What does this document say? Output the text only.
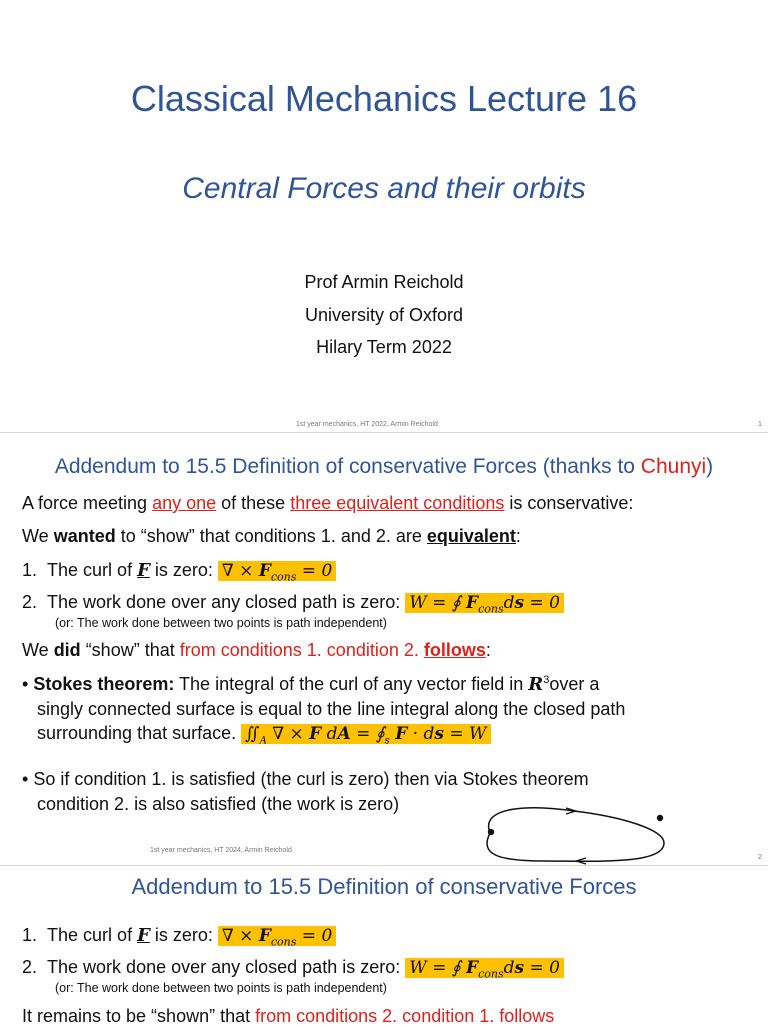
Classical Mechanics Lecture 16
Central Forces and their orbits
Prof Armin Reichold
University of Oxford
Hilary Term 2022
1st year mechanics, HT 2022, Armin Reichold	1
Addendum to 15.5 Definition of conservative Forces (thanks to Chunyi)
A force meeting any one of these three equivalent conditions is conservative:
We wanted to “show” that conditions 1. and 2. are equivalent:
1. The curl of F is zero: ∇ × $F_{cons} = 0$
2. The work done over any closed path is zero: W = ∮ $F_{cons}ds = 0$
(or: The work done between two points is path independent)
We did “show” that from conditions 1. condition 2. follows:
• Stokes theorem: The integral of the curl of any vector field in $R^3over$ a
singly connected surface is equal to the line integral along the closed path
surrounding that surface. $∬_A$ ∇ × F dA = $∮_s$ F · ds = W
• So if condition 1. is satisfied (the curl is zero) then via Stokes theorem
condition 2. is also satisfied (the work is zero)
1st year mechanics, HT 2024, Armin Reichold
2
Addendum to 15.5 Definition of conservative Forces
1. The curl of F is zero: ∇ × $F_{cons} = 0$
2. The work done over any closed path is zero: W = ∮ $F_{cons}ds = 0$
(or: The work done between two points is path independent)
It remains to be “shown” that from conditions 2. condition 1. follows
